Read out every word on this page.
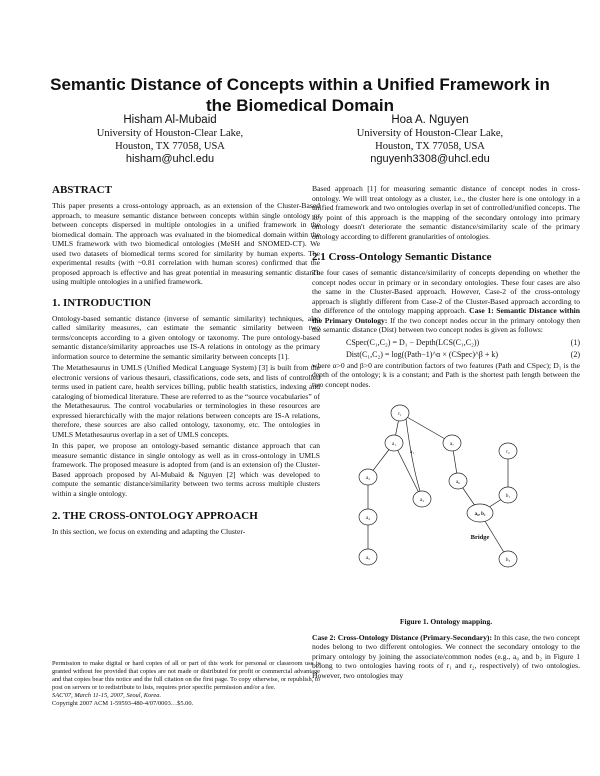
Semantic Distance of Concepts within a Unified Framework in the Biomedical Domain
Hisham Al-Mubaid
University of Houston-Clear Lake,
Houston, TX 77058, USA
hisham@uhcl.edu
Hoa A. Nguyen
University of Houston-Clear Lake,
Houston, TX 77058, USA
nguyenh3308@uhcl.edu
ABSTRACT

This paper presents a cross-ontology approach, as an extension of the Cluster-Based approach, to measure semantic distance between concepts within single ontology or between concepts dispersed in multiple ontologies in a unified framework in the biomedical domain. The approach was evaluated in the biomedical domain within the UMLS framework with two biomedical ontologies (MeSH and SNOMED-CT). We used two datasets of biomedical terms scored for similarity by human experts. The experimental results (with ~0.81 correlation with human scores) confirmed that the proposed approach is effective and has great potential in measuring semantic distance using multiple ontologies in a unified framework.

1. INTRODUCTION

Ontology-based semantic distance (inverse of semantic similarity) techniques, also called similarity measures, can estimate the semantic similarity between two terms/concepts according to a given ontology or taxonomy. The pure ontology-based semantic distance/similarity approaches use IS-A relations in ontology as the primary information source to determine the semantic similarity between concepts [1].

The Metathesaurus in UMLS (Unified Medical Language System) [3] is built from the electronic versions of various thesauri, classifications, code sets, and lists of controlled terms used in patient care, health services billing, public health statistics, indexing and cataloging of biomedical literature. These are referred to as the “source vocabularies” of the Metathesaurus. The control vocabularies or terminologies in these resources are expressed hierarchically with the major relations between concepts are IS-A relations, therefore, these sources are also called ontology, taxonomy, etc. The ontologies in UMLS Metathesaurus overlap in a set of UMLS concepts.

In this paper, we propose an ontology-based semantic distance approach that can measure semantic distance in single ontology as well as in cross-ontology in UMLS framework. The proposed measure is adopted from (and is an extension of) the Cluster-Based approach proposed by Al-Mubaid & Nguyen [2] which was developed to compute the semantic distance/similarity between two terms across multiple clusters within a single ontology.

2. THE CROSS-ONTOLOGY APPROACH

In this section, we focus on extending and adapting the Cluster-

Permission to make digital or hard copies of all or part of this work for personal or classroom use is granted without fee provided that copies are not made or distributed for profit or commercial advantage and that copies bear this notice and the full citation on the first page. To copy otherwise, or republish, to post on servers or to redistribute to lists, requires prior specific permission and/or a fee.
SAC'07, March 11-15, 2007, Seoul, Korea.
Copyright 2007 ACM 1-59593-480-4/07/0003…$5.00.

Based approach [1] for measuring semantic distance of concept nodes in cross-ontology. We will treat ontology as a cluster, i.e., the cluster here is one ontology in a unified framework and two ontologies overlap in set of controlled/unified concepts. The key point of this approach is the mapping of the secondary ontology into primary ontology doesn't deteriorate the semantic distance/similarity scale of the primary ontology according to different granularities of ontologies.

2.1 Cross-Ontology Semantic Distance

The four cases of semantic distance/similarity of concepts depending on whether the concept nodes occur in primary or in secondary ontologies. These four cases are also the same in the Cluster-Based approach. However, Case-2 of the cross-ontology approach is slightly different from Case-2 of the Cluster-Based approach according to the difference of the ontology mapping approach. Case 1: Semantic Distance within the Primary Ontology: If the two concept nodes occur in the primary ontology then the semantic distance (Dist) between two concept nodes is given as follows:

CSpec(C₁,C₂) = D₁ − Depth(LCS(C₁,C₂))	(1)
Dist(C₁,C₂) = log((Path−1)^α × (CSpec)^β + k)	(2)

where α>0 and β>0 are contribution factors of two features (Path and CSpec); D₁ is the depth of the ontology; k is a constant; and Path is the shortest path length between the two concept nodes.

r₁
a₁	a₇
r₂
a₂
a₃
a₆
b₁
a₄
a₅
a₀, b₂
a₁
b₃
Bridge
Figure 1. Ontology mapping.

Case 2: Cross-Ontology Distance (Primary-Secondary): In this case, the two concept nodes belong to two different ontologies. We connect the secondary ontology to the primary ontology by joining the associate/common nodes (e.g., a₀ and b₂ in Figure 1 belong to two ontologies having roots of r₁ and r₂, respectively) of two ontologies. However, two ontologies may
